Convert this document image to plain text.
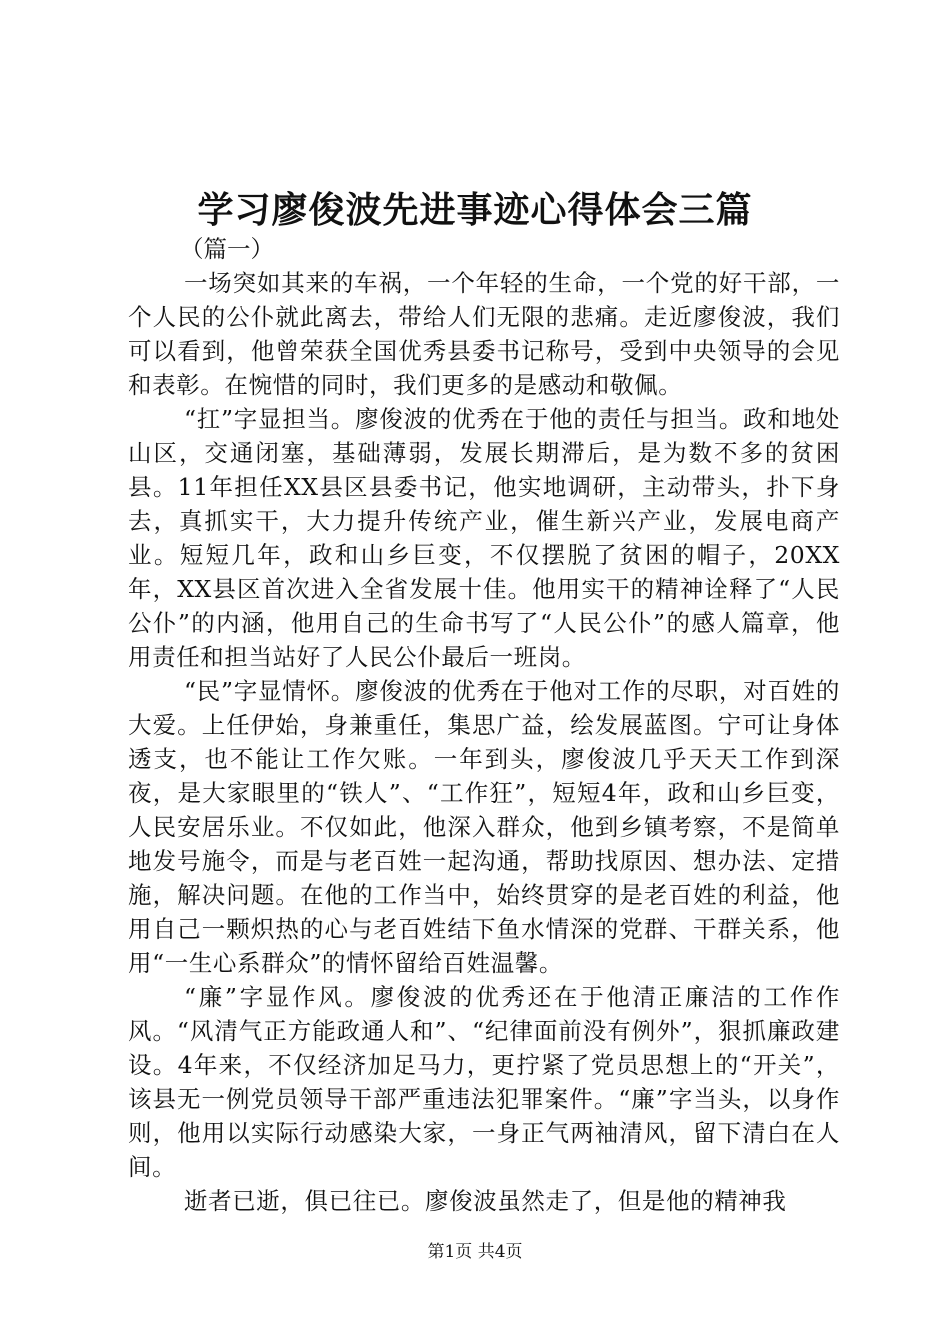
学习廖俊波先进事迹心得体会三篇

（篇一）

一场突如其来的车祸，一个年轻的生命，一个党的好干部，一个人民的公仆就此离去，带给人们无限的悲痛。走近廖俊波，我们可以看到，他曾荣获全国优秀县委书记称号，受到中央领导的会见和表彰。在惋惜的同时，我们更多的是感动和敬佩。

“扛”字显担当。廖俊波的优秀在于他的责任与担当。政和地处山区，交通闭塞，基础薄弱，发展长期滞后，是为数不多的贫困县。11年担任XX县区县委书记，他实地调研，主动带头，扑下身去，真抓实干，大力提升传统产业，催生新兴产业，发展电商产业。短短几年，政和山乡巨变，不仅摆脱了贫困的帽子，20XX年，XX县区首次进入全省发展十佳。他用实干的精神诠释了“人民公仆”的内涵，他用自己的生命书写了“人民公仆”的感人篇章，他用责任和担当站好了人民公仆最后一班岗。

“民”字显情怀。廖俊波的优秀在于他对工作的尽职，对百姓的大爱。上任伊始，身兼重任，集思广益，绘发展蓝图。宁可让身体透支，也不能让工作欠账。一年到头，廖俊波几乎天天工作到深夜，是大家眼里的“铁人”、“工作狂”，短短4年，政和山乡巨变，人民安居乐业。不仅如此，他深入群众，他到乡镇考察，不是简单地发号施令，而是与老百姓一起沟通，帮助找原因、想办法、定措施，解决问题。在他的工作当中，始终贯穿的是老百姓的利益，他用自己一颗炽热的心与老百姓结下鱼水情深的党群、干群关系，他用“一生心系群众”的情怀留给百姓温馨。

“廉”字显作风。廖俊波的优秀还在于他清正廉洁的工作作风。“风清气正方能政通人和”、“纪律面前没有例外”，狠抓廉政建设。4年来，不仅经济加足马力，更拧紧了党员思想上的“开关”，该县无一例党员领导干部严重违法犯罪案件。“廉”字当头，以身作则，他用以实际行动感染大家，一身正气两袖清风，留下清白在人间。

逝者已逝，俱已往已。廖俊波虽然走了，但是他的精神我

第1页 共4页
